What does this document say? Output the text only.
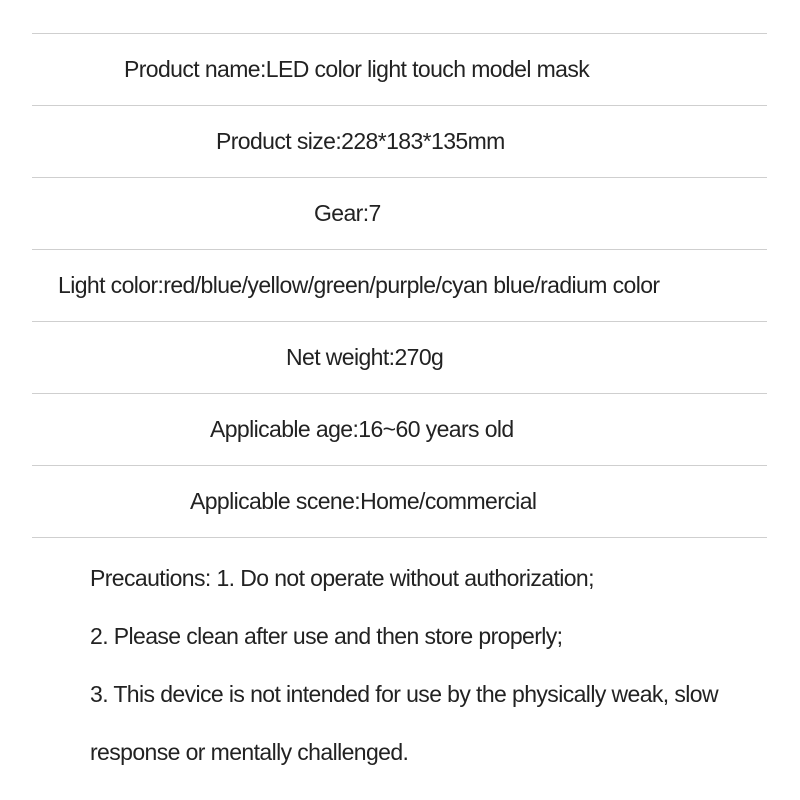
Product name:LED color light touch model mask
Product size:228*183*135mm
Gear:7
Light color:red/blue/yellow/green/purple/cyan blue/radium color
Net weight:270g
Applicable age:16~60 years old
Applicable scene:Home/commercial
Precautions: 1. Do not operate without authorization;
2. Please clean after use and then store properly;
3. This device is not intended for use by the physically weak, slow
response or mentally challenged.
